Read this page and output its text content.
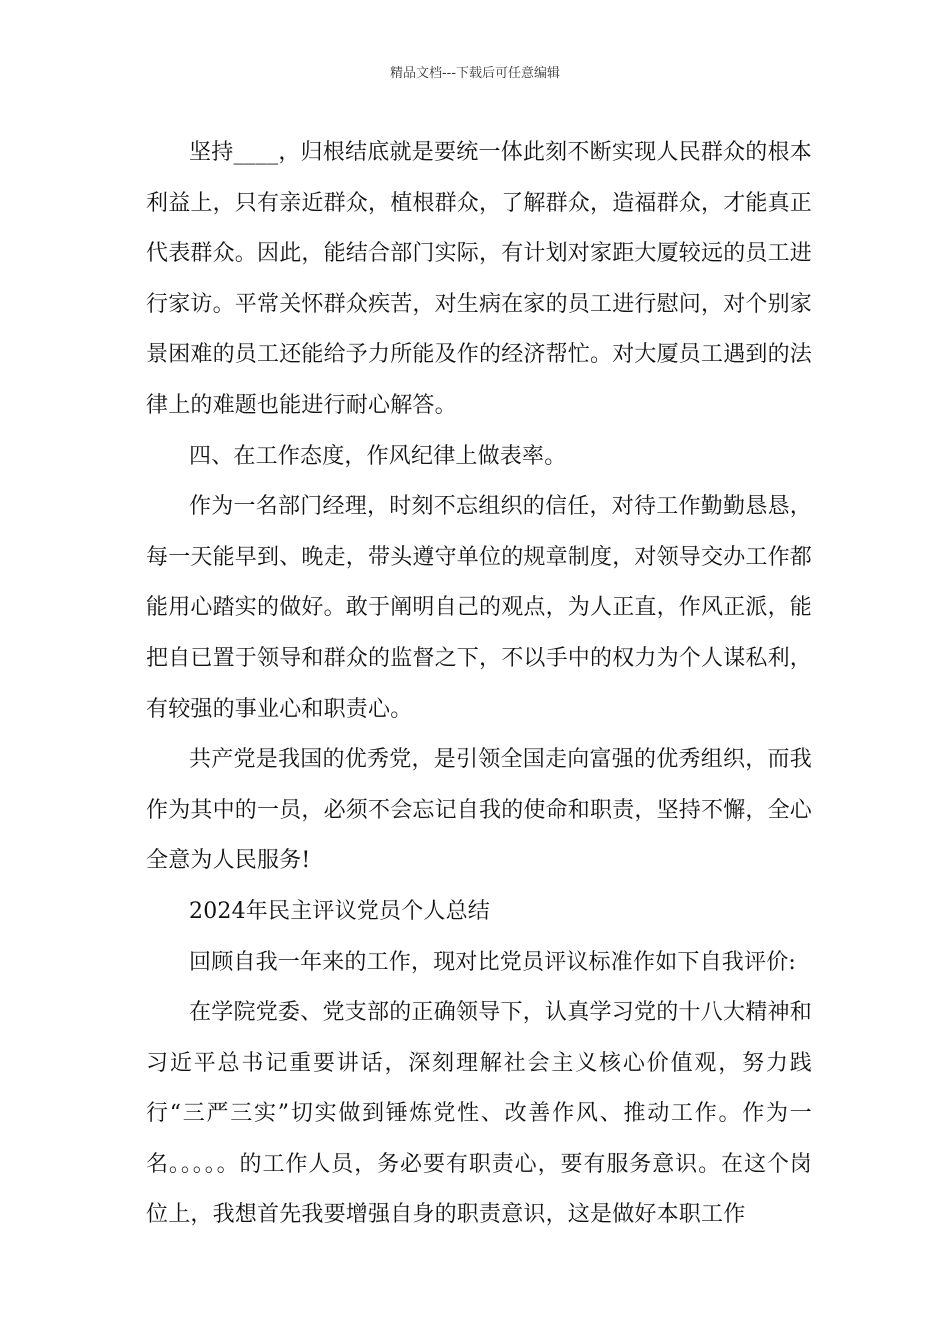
精品文档---下载后可任意编辑

坚持____，归根结底就是要统一体此刻不断实现人民群众的根本利益上，只有亲近群众，植根群众，了解群众，造福群众，才能真正代表群众。因此，能结合部门实际，有计划对家距大厦较远的员工进行家访。平常关怀群众疾苦，对生病在家的员工进行慰问，对个别家景困难的员工还能给予力所能及作的经济帮忙。对大厦员工遇到的法律上的难题也能进行耐心解答。

四、在工作态度，作风纪律上做表率。

作为一名部门经理，时刻不忘组织的信任，对待工作勤勤恳恳，每一天能早到、晚走，带头遵守单位的规章制度，对领导交办工作都能用心踏实的做好。敢于阐明自己的观点，为人正直，作风正派，能把自已置于领导和群众的监督之下，不以手中的权力为个人谋私利，有较强的事业心和职责心。

共产党是我国的优秀党，是引领全国走向富强的优秀组织，而我作为其中的一员，必须不会忘记自我的使命和职责，坚持不懈，全心全意为人民服务!

2024年民主评议党员个人总结

回顾自我一年来的工作，现对比党员评议标准作如下自我评价:

在学院党委、党支部的正确领导下，认真学习党的十八大精神和习近平总书记重要讲话，深刻理解社会主义核心价值观，努力践行“三严三实”切实做到锤炼党性、改善作风、推动工作。作为一名。。。。。的工作人员，务必要有职责心，要有服务意识。在这个岗位上，我想首先我要增强自身的职责意识，这是做好本职工作
